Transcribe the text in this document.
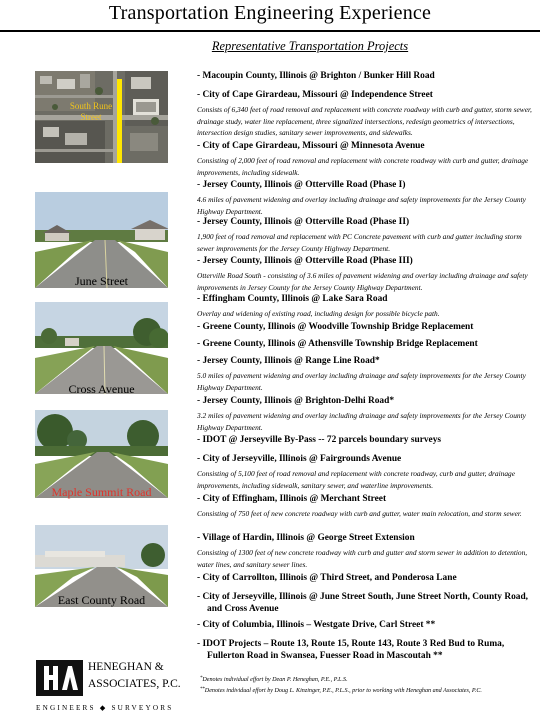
Transportation Engineering Experience
Representative Transportation Projects
South Rune Street
June Street
Cross Avenue
Maple Summit Road
East County Road
- Macoupin County, Illinois @ Brighton / Bunker Hill Road
- City of Cape Girardeau, Missouri @ Independence Street
Consists of 6,340 feet of road removal and replacement with concrete roadway with curb and gutter, storm sewer, drainage study, water line replacement, three signalized intersections, redesign geometrics of intersections, intersection design studies, sanitary sewer improvements, and sidewalks.
- City of Cape Girardeau, Missouri @ Minnesota Avenue
Consisting of 2,000 feet of road removal and replacement with concrete roadway with curb and gutter, drainage improvements, including sidewalk.
- Jersey County, Illinois @ Otterville Road (Phase I)
4.6 miles of pavement widening and overlay including drainage and safety improvements for the Jersey County Highway Department.
- Jersey County, Illinois @ Otterville Road (Phase II)
1,900 feet of road removal and replacement with PC Concrete pavement with curb and gutter including storm sewer improvements for the Jersey County Highway Department.
- Jersey County, Illinois @ Otterville Road (Phase III)
Otterville Road South - consisting of 3.6 miles of pavement widening and overlay including drainage and safety improvements in Jersey County for the Jersey County Highway Department.
- Effingham County, Illinois @ Lake Sara Road
Overlay and widening of existing road, including design for possible bicycle path.
- Greene County, Illinois @ Woodville Township Bridge Replacement
- Greene County, Illinois @ Athensville Township Bridge Replacement
- Jersey County, Illinois @ Range Line Road*
5.0 miles of pavement widening and overlay including drainage and safety improvements for the Jersey County Highway Department.
- Jersey County, Illinois @ Brighton-Delhi Road*
3.2 miles of pavement widening and overlay including drainage and safety improvements for the Jersey County Highway Department.
- IDOT @ Jerseyville By-Pass -- 72 parcels boundary surveys
- City of Jerseyville, Illinois @ Fairgrounds Avenue
Consisting of 5,100 feet of road removal and replacement with concrete roadway, curb and gutter, drainage improvements, including sidewalk, sanitary sewer, and waterline improvements.
- City of Effingham, Illinois @ Merchant Street
Consisting of 750 feet of new concrete roadway with curb and gutter, water main relocation, and storm sewer.
- Village of Hardin, Illinois @ George Street Extension
Consisting of 1300 feet of new concrete roadway with curb and gutter and storm sewer in addition to detention, water lines, and sanitary sewer lines.
- City of Carrollton, Illinois @ Third Street, and Ponderosa Lane
- City of Jerseyville, Illinois @ June Street South, June Street North, County Road, and Cross Avenue
- City of Columbia, Illinois – Westgate Drive, Carl Street **
- IDOT Projects – Route 13, Route 15, Route 143, Route 3 Red Bud to Ruma, Fullerton Road in Swansea, Fuesser Road in Mascoutah **
HENEGHAN &
ASSOCIATES, P.C.
ENGINEERS ◆ SURVEYORS
*Denotes individual effort by Dean P. Heneghan, P.E., P.L.S.
**Denotes individual effort by Doug L. Kinzinger, P.E., P.L.S., prior to working with Heneghan and Associates, P.C.
